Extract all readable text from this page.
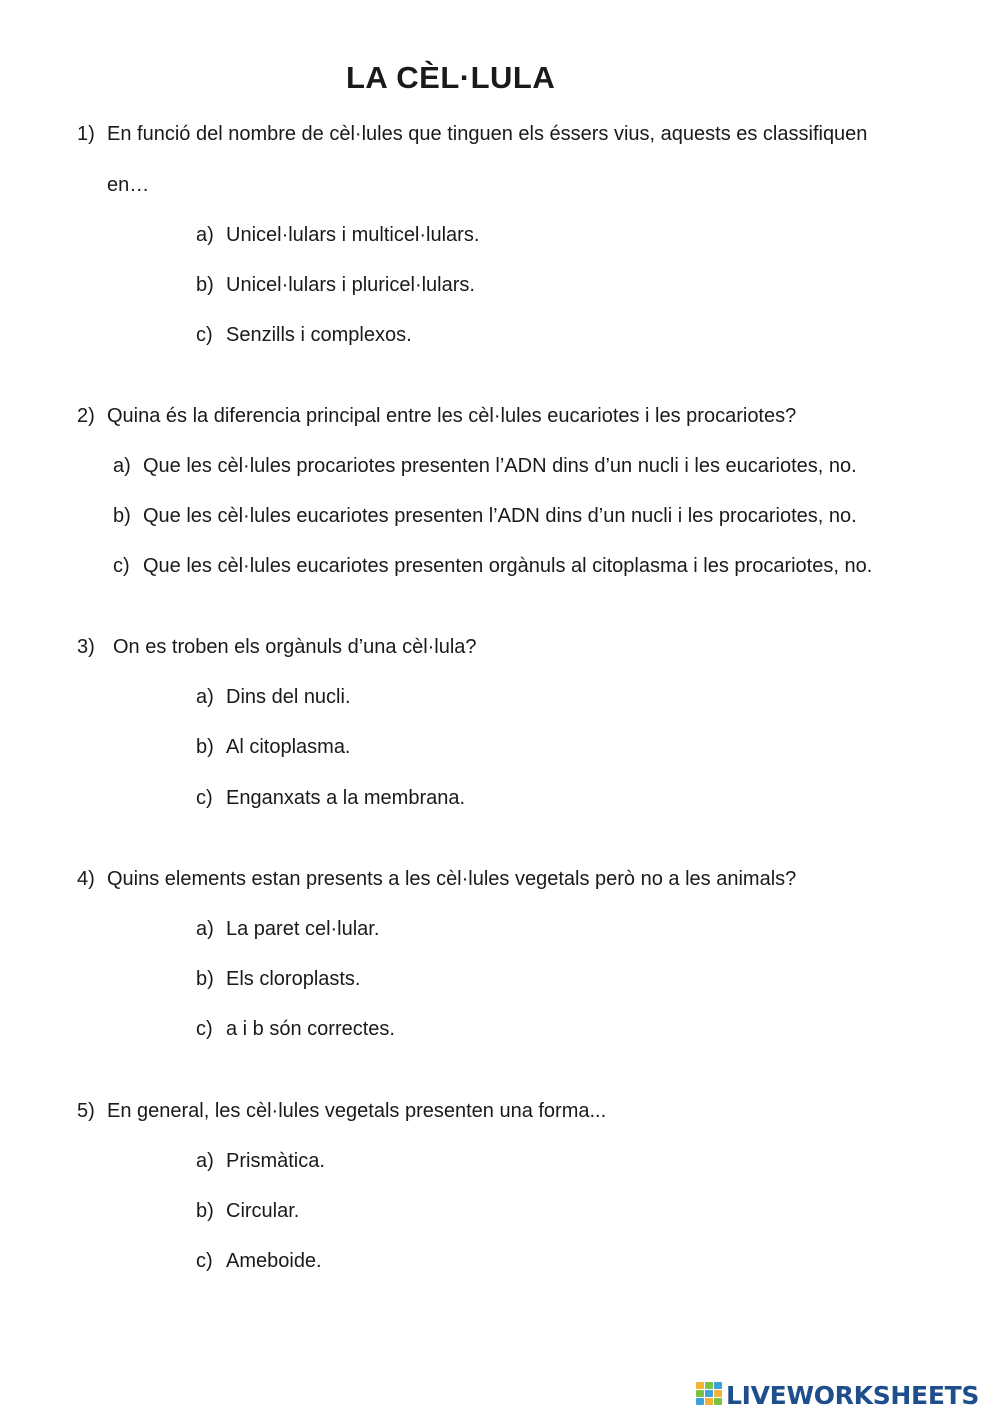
LA CÈL·LULA
1) En funció del nombre de cèl·lules que tinguen els éssers vius, aquests es classifiquen
en…
a) Unicel·lulars i multicel·lulars.
b) Unicel·lulars i pluricel·lulars.
c) Senzills i complexos.
2) Quina és la diferencia principal entre les cèl·lules eucariotes i les procariotes?
a) Que les cèl·lules procariotes presenten l’ADN dins d’un nucli i les eucariotes, no.
b) Que les cèl·lules eucariotes presenten l’ADN dins d’un nucli i les procariotes, no.
c) Que les cèl·lules eucariotes presenten orgànuls al citoplasma i les procariotes, no.
3) On es troben els orgànuls d’una cèl·lula?
a) Dins del nucli.
b) Al citoplasma.
c) Enganxats a la membrana.
4) Quins elements estan presents a les cèl·lules vegetals però no a les animals?
a) La paret cel·lular.
b) Els cloroplasts.
c) a i b són correctes.
5) En general, les cèl·lules vegetals presenten una forma...
a) Prismàtica.
b) Circular.
c) Ameboide.
LIVEWORKSHEETS
